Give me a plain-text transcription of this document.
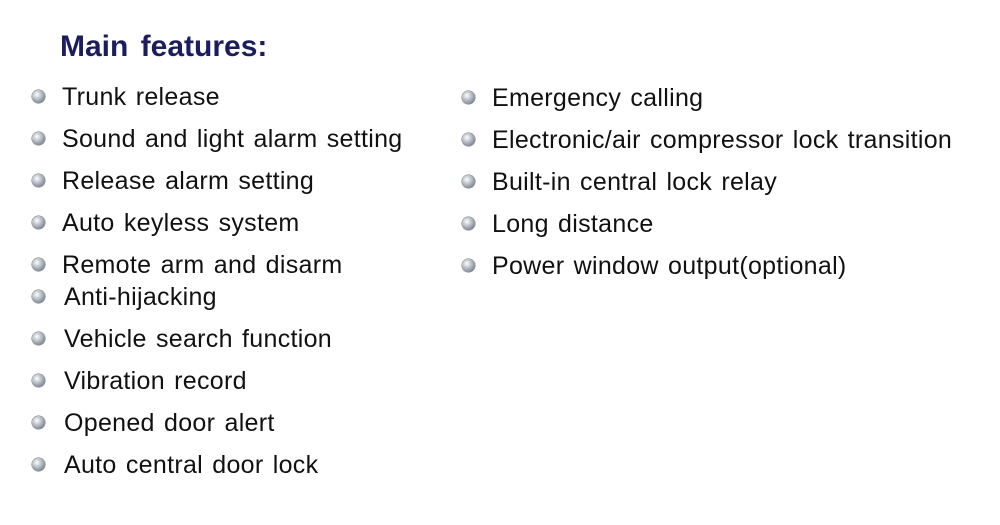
Main features:
Trunk release
Sound and light alarm setting
Release alarm setting
Auto keyless system
Remote arm and disarm
Anti-hijacking
Vehicle search function
Vibration record
Opened door alert
Auto central door lock
Emergency calling
Electronic/air compressor lock transition
Built-in central lock relay
Long distance
Power window output(optional)
